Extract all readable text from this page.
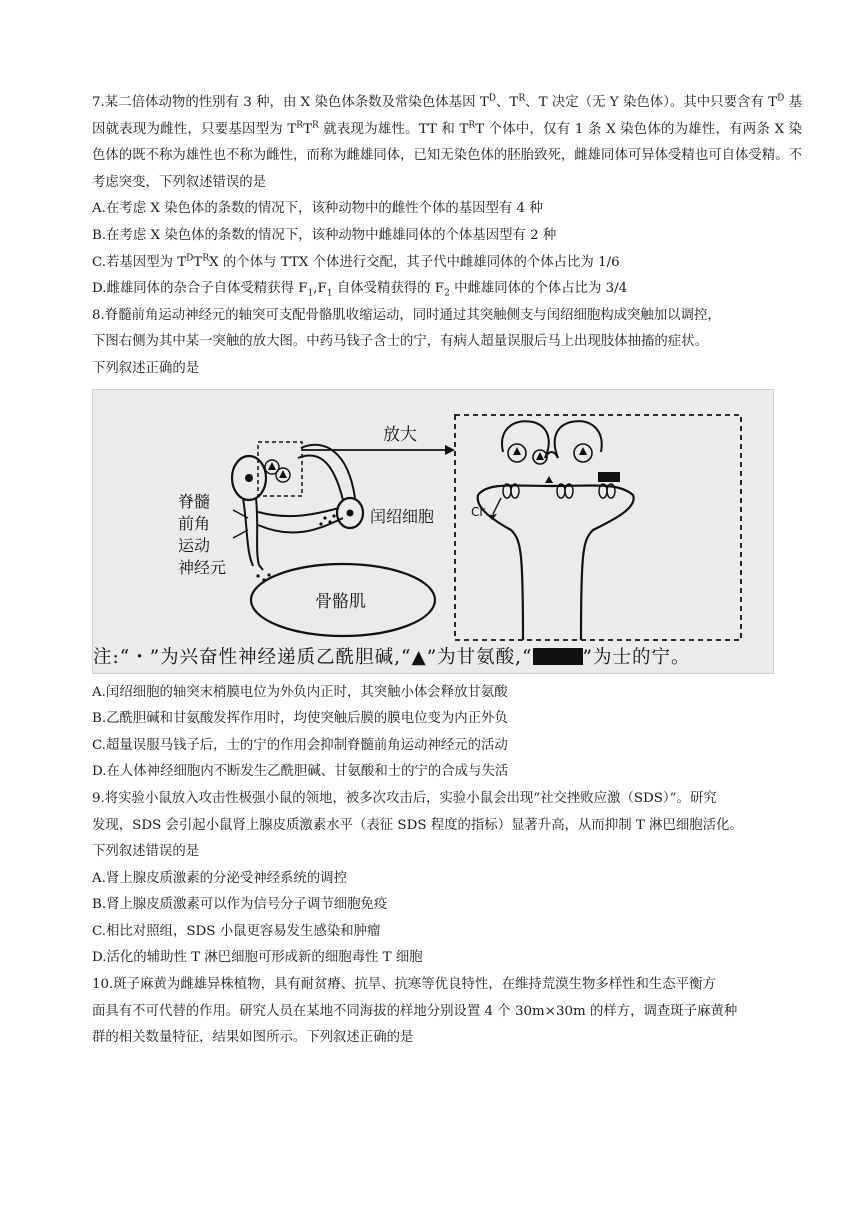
7.某二倍体动物的性别有 3 种，由 X 染色体条数及常染色体基因 $T^D$、$T^R$、T 决定（无 Y 染色体）。其中只要含有 $T^D$ 基因就表现为雌性，只要基因型为 $T^RT^R$ 就表现为雄性。TT 和 $T^RT$ 个体中，仅有 1 条 X 染色体的为雄性，有两条 X 染色体的既不称为雄性也不称为雌性，而称为雌雄同体，已知无染色体的胚胎致死，雌雄同体可异体受精也可自体受精。不考虑突变，下列叙述错误的是

A.在考虑 X 染色体的条数的情况下，该种动物中的雌性个体的基因型有 4 种

B.在考虑 X 染色体的条数的情况下，该种动物中雌雄同体的个体基因型有 2 种

C.若基因型为 $T^DT^RX$ 的个体与 TTX 个体进行交配，其子代中雌雄同体的个体占比为 1/6

D.雌雄同体的杂合子自体受精获得 $F_1,F_1$ 自体受精获得的 $F_2$ 中雌雄同体的个体占比为 3/4

8.脊髓前角运动神经元的轴突可支配骨骼肌收缩运动，同时通过其突触侧支与闰绍细胞构成突触加以调控，

下图右侧为其中某一突触的放大图。中药马钱子含士的宁，有病人超量误服后马上出现肢体抽搐的症状。

下列叙述正确的是

放大
骨骼肌
脊髓
前角
运动
神经元
闰绍细胞	Cl-
注:“・”为兴奋性神经递质乙酰胆碱,“▲”为甘氨酸,“	”为士的宁。

A.闰绍细胞的轴突末梢膜电位为外负内正时，其突触小体会释放甘氨酸

B.乙酰胆碱和甘氨酸发挥作用时，均使突触后膜的膜电位变为内正外负

C.超量误服马钱子后，士的宁的作用会抑制脊髓前角运动神经元的活动

D.在人体神经细胞内不断发生乙酰胆碱、甘氨酸和士的宁的合成与失活

9.将实验小鼠放入攻击性极强小鼠的领地，被多次攻击后，实验小鼠会出现“社交挫败应激（SDS）”。研究

发现，SDS 会引起小鼠肾上腺皮质激素水平（表征 SDS 程度的指标）显著升高，从而抑制 T 淋巴细胞活化。

下列叙述错误的是

A.肾上腺皮质激素的分泌受神经系统的调控

B.肾上腺皮质激素可以作为信号分子调节细胞免疫

C.相比对照组，SDS 小鼠更容易发生感染和肿瘤

D.活化的辅助性 T 淋巴细胞可形成新的细胞毒性 T 细胞

10.斑子麻黄为雌雄异株植物，具有耐贫瘠、抗旱、抗寒等优良特性，在维持荒漠生物多样性和生态平衡方

面具有不可代替的作用。研究人员在某地不同海拔的样地分别设置 4 个 30m×30m 的样方，调查斑子麻黄种

群的相关数量特征，结果如图所示。下列叙述正确的是
